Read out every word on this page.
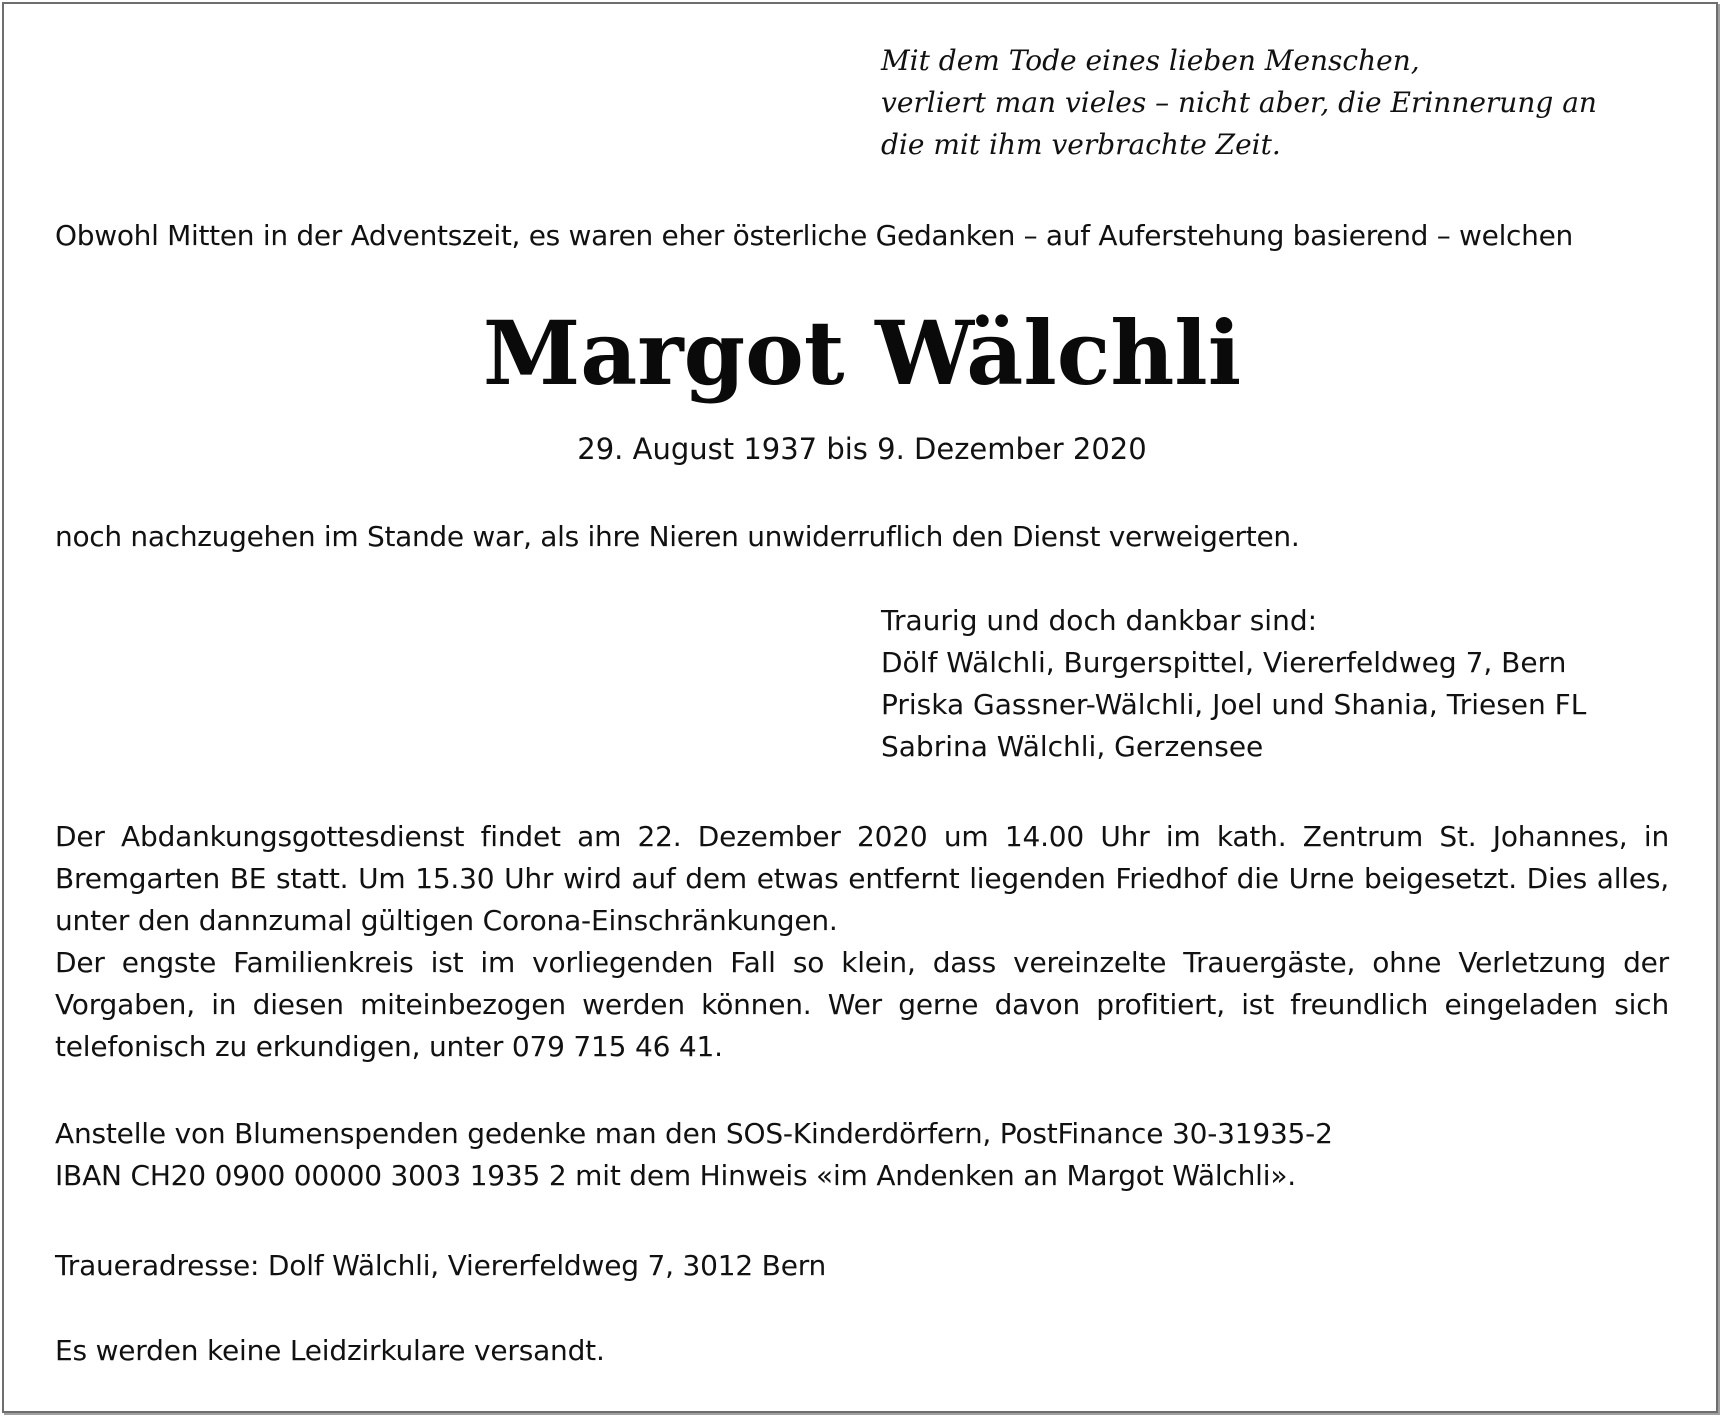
Mit dem Tode eines lieben Menschen,
verliert man vieles – nicht aber, die Erinnerung an
die mit ihm verbrachte Zeit.

Obwohl Mitten in der Adventszeit, es waren eher österliche Gedanken – auf Auferstehung basierend – welchen

Margot Wälchli

29. August 1937 bis 9. Dezember 2020

noch nachzugehen im Stande war, als ihre Nieren unwiderruflich den Dienst verweigerten.

Traurig und doch dankbar sind:
Dölf Wälchli, Burgerspittel, Viererfeldweg 7, Bern
Priska Gassner-Wälchli, Joel und Shania, Triesen FL
Sabrina Wälchli, Gerzensee

Der Abdankungsgottesdienst findet am 22. Dezember 2020 um 14.00 Uhr im kath. Zentrum St. Johannes, in Bremgarten BE statt. Um 15.30 Uhr wird auf dem etwas entfernt liegenden Friedhof die Urne beigesetzt. Dies alles, unter den dannzumal gültigen Corona-Einschränkungen.

Der engste Familienkreis ist im vorliegenden Fall so klein, dass vereinzelte Trauergäste, ohne Verletzung der Vorgaben, in diesen miteinbezogen werden können. Wer gerne davon profitiert, ist freundlich eingeladen sich telefonisch zu erkundigen, unter 079 715 46 41.

Anstelle von Blumenspenden gedenke man den SOS-Kinderdörfern, PostFinance 30-31935-2
IBAN CH20 0900 00000 3003 1935 2 mit dem Hinweis «im Andenken an Margot Wälchli».

Traueradresse: Dolf Wälchli, Viererfeldweg 7, 3012 Bern

Es werden keine Leidzirkulare versandt.
